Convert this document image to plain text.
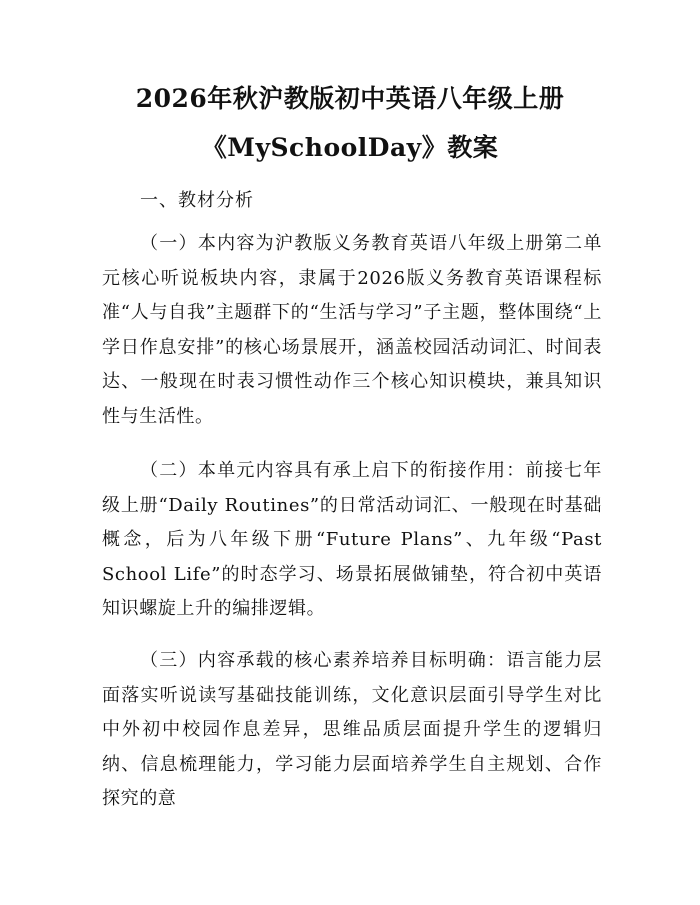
2026年秋沪教版初中英语八年级上册
《MySchoolDay》教案

一、教材分析

（一）本内容为沪教版义务教育英语八年级上册第二单元核心听说板块内容，隶属于2026版义务教育英语课程标准“人与自我”主题群下的“生活与学习”子主题，整体围绕“上学日作息安排”的核心场景展开，涵盖校园活动词汇、时间表达、一般现在时表习惯性动作三个核心知识模块，兼具知识性与生活性。

（二）本单元内容具有承上启下的衔接作用：前接七年级上册“Daily Routines”的日常活动词汇、一般现在时基础概念，后为八年级下册“Future Plans”、九年级“Past School Life”的时态学习、场景拓展做铺垫，符合初中英语知识螺旋上升的编排逻辑。

（三）内容承载的核心素养培养目标明确：语言能力层面落实听说读写基础技能训练，文化意识层面引导学生对比中外初中校园作息差异，思维品质层面提升学生的逻辑归纳、信息梳理能力，学习能力层面培养学生自主规划、合作探究的意
